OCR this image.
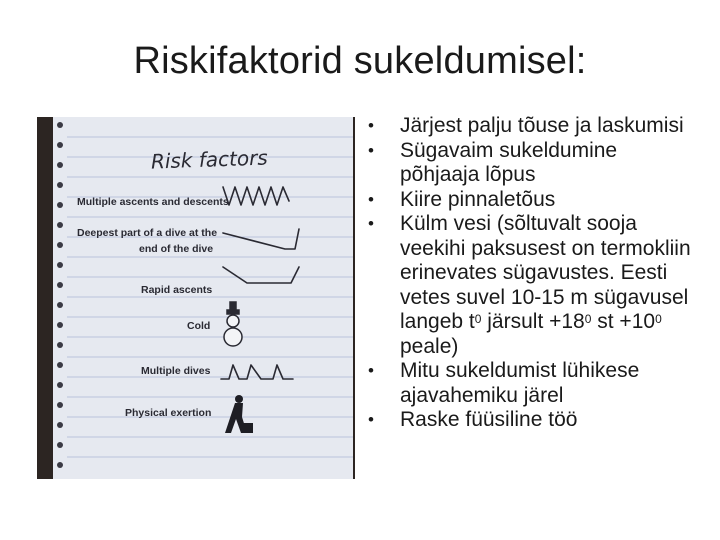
Riskifaktorid sukeldumisel:
Risk factors
Multiple ascents and descents
Deepest part of a dive at the
end of the dive
Rapid ascents
Cold
Multiple dives
Physical exertion
• Järjest palju tõuse ja laskumisi
• Sügavaim sukeldumine põhjaaja lõpus
• Kiire pinnaletõus
• Külm vesi (sõltuvalt sooja veekihi paksusest on termokliin erinevates sügavustes. Eesti vetes suvel 10-15 m sügavusel langeb $t^0$ järsult $+18^0$ st $+10^0$ peale)
• Mitu sukeldumist lühikese ajavahemiku järel
• Raske füüsiline töö
